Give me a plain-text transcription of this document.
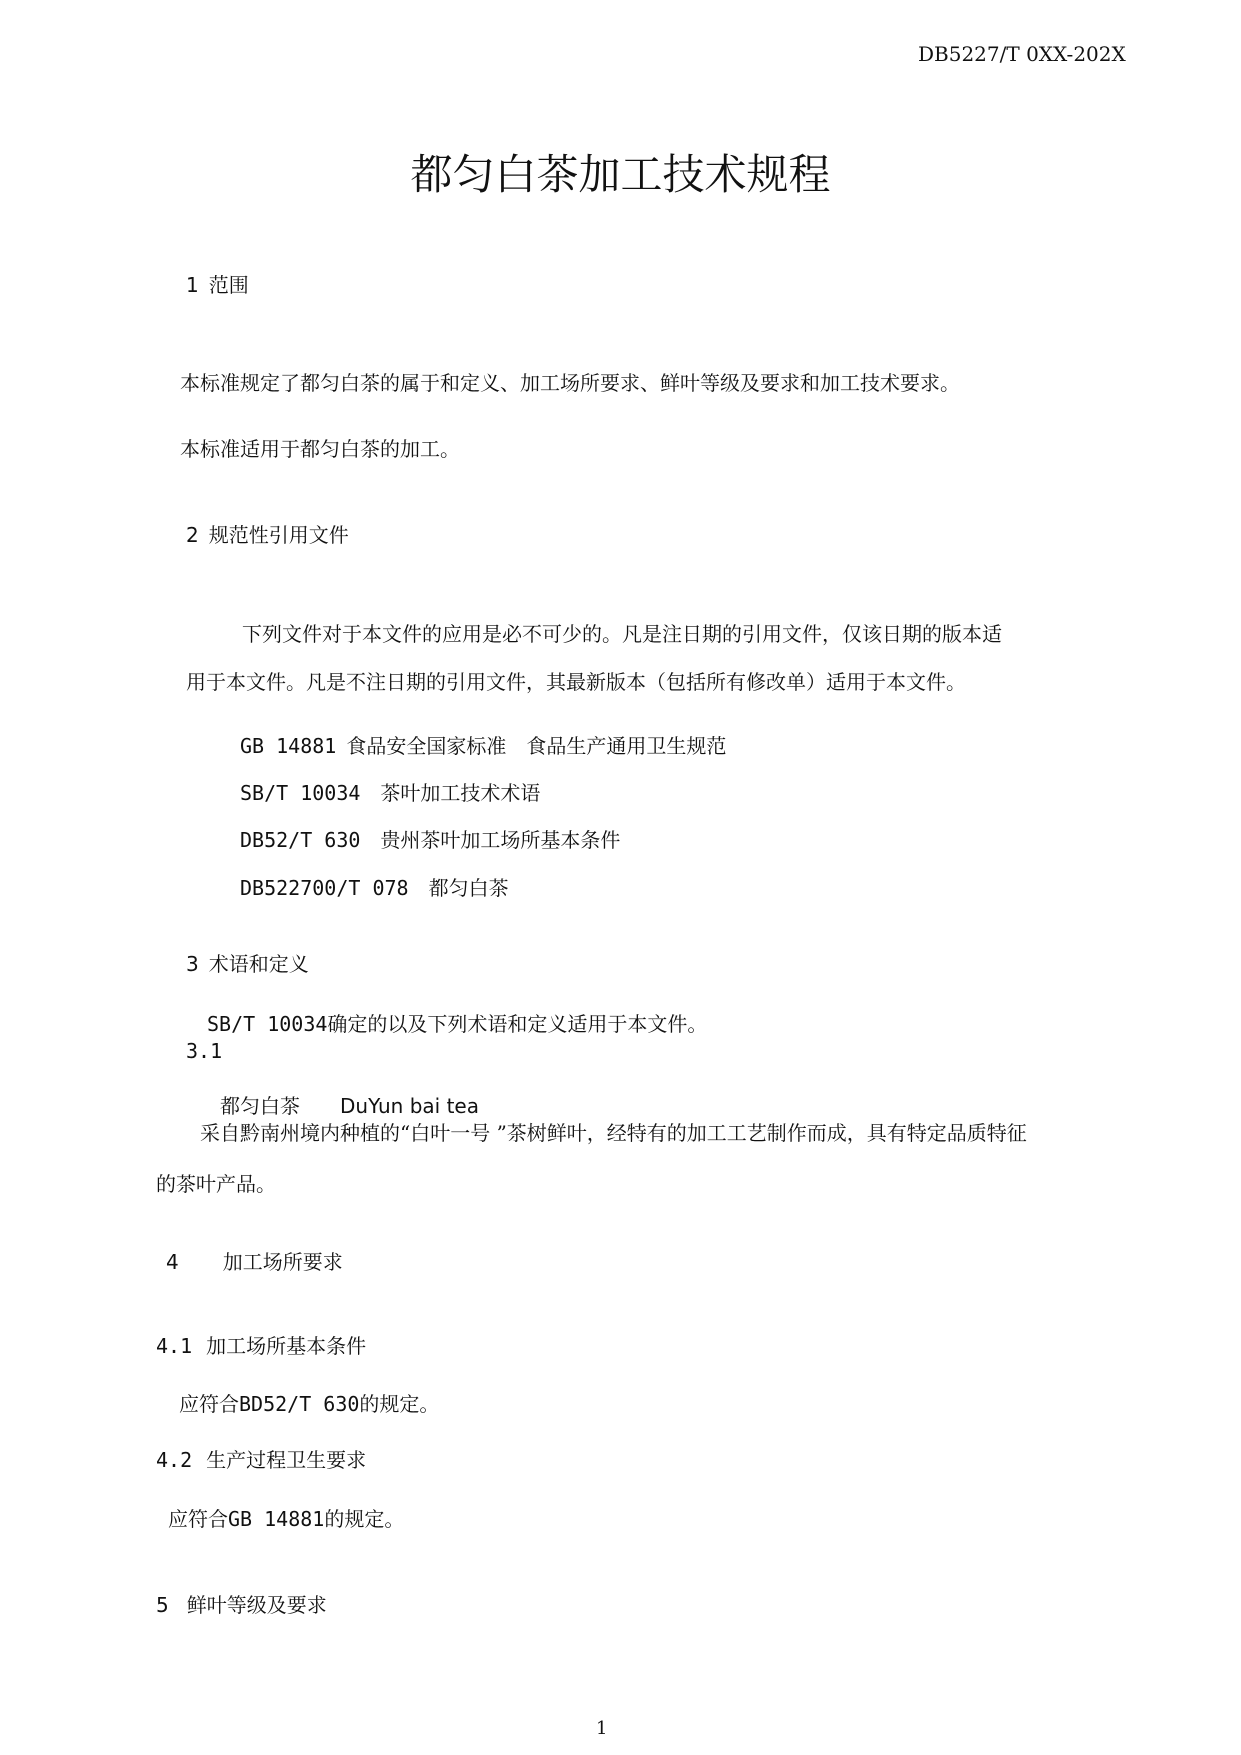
DB5227/T 0XX-202X
都匀白茶加工技术规程
1 范围
本标准规定了都匀白茶的属于和定义、加工场所要求、鲜叶等级及要求和加工技术要求。
本标准适用于都匀白茶的加工。
2 规范性引用文件
下列文件对于本文件的应用是必不可少的。凡是注日期的引用文件，仅该日期的版本适
用于本文件。凡是不注日期的引用文件，其最新版本（包括所有修改单）适用于本文件。
GB 14881 食品安全国家标准　食品生产通用卫生规范
SB/T 10034 茶叶加工技术术语
DB52/T 630 贵州茶叶加工场所基本条件
DB522700/T 078 都匀白茶
3 术语和定义
SB/T 10034确定的以及下列术语和定义适用于本文件。
3.1
都匀白茶 DuYun bai tea
采自黔南州境内种植的“白叶一号 ”茶树鲜叶，经特有的加工工艺制作而成，具有特定品质特征
的茶叶产品。
4 加工场所要求
4.1 加工场所基本条件
应符合BD52/T 630的规定。
4.2 生产过程卫生要求
应符合GB 14881的规定。
5 鲜叶等级及要求
1
